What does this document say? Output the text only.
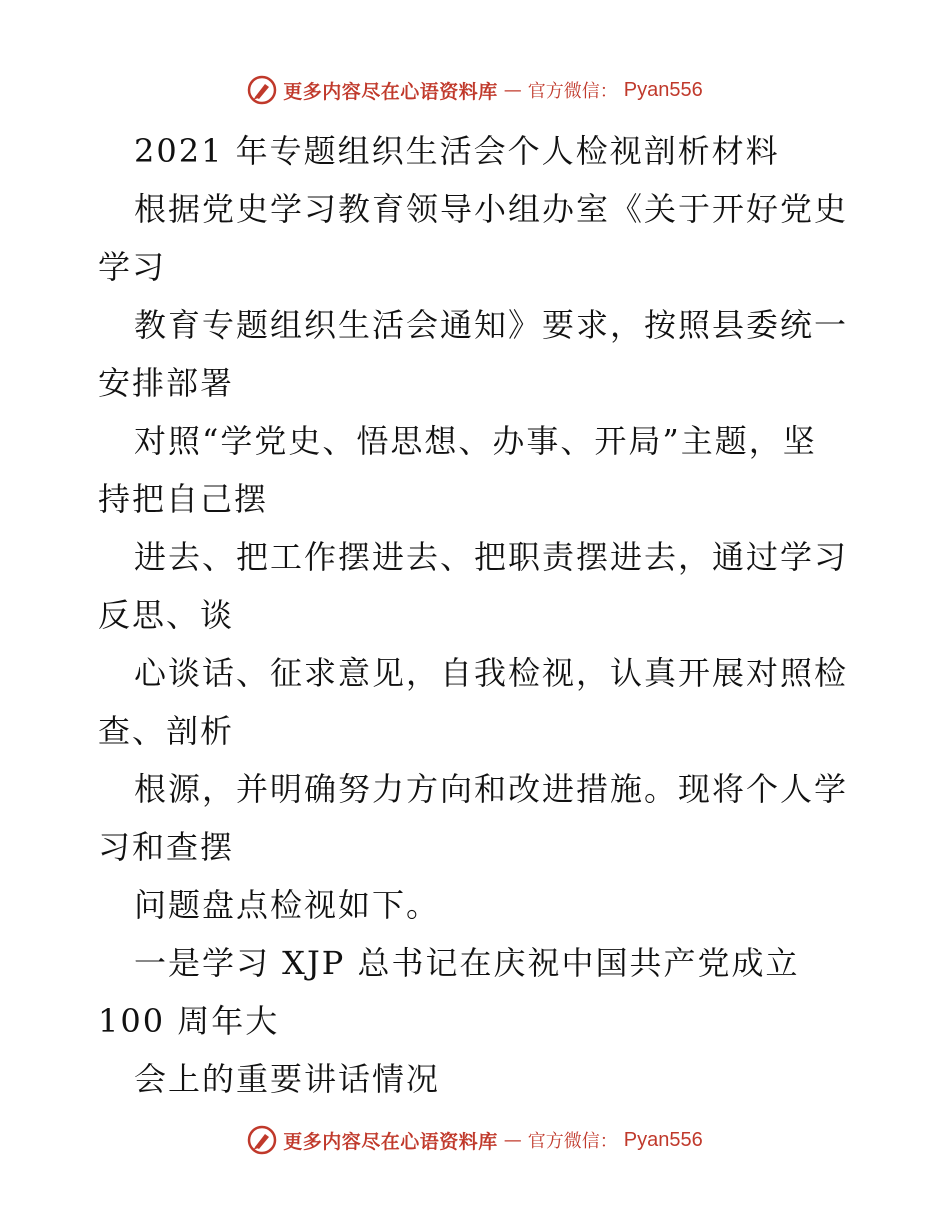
更多内容尽在心语资料库 — 官方微信： Pyan556
2021 年专题组织生活会个人检视剖析材料
根据党史学习教育领导小组办室《关于开好党史
学习
教育专题组织生活会通知》要求，按照县委统一
安排部署
对照“学党史、悟思想、办事、开局”主题，坚
持把自己摆
进去、把工作摆进去、把职责摆进去，通过学习
反思、谈
心谈话、征求意见，自我检视，认真开展对照检
查、剖析
根源，并明确努力方向和改进措施。现将个人学
习和查摆
问题盘点检视如下。
一是学习 XJP 总书记在庆祝中国共产党成立
100 周年大
会上的重要讲话情况
更多内容尽在心语资料库 — 官方微信： Pyan556
